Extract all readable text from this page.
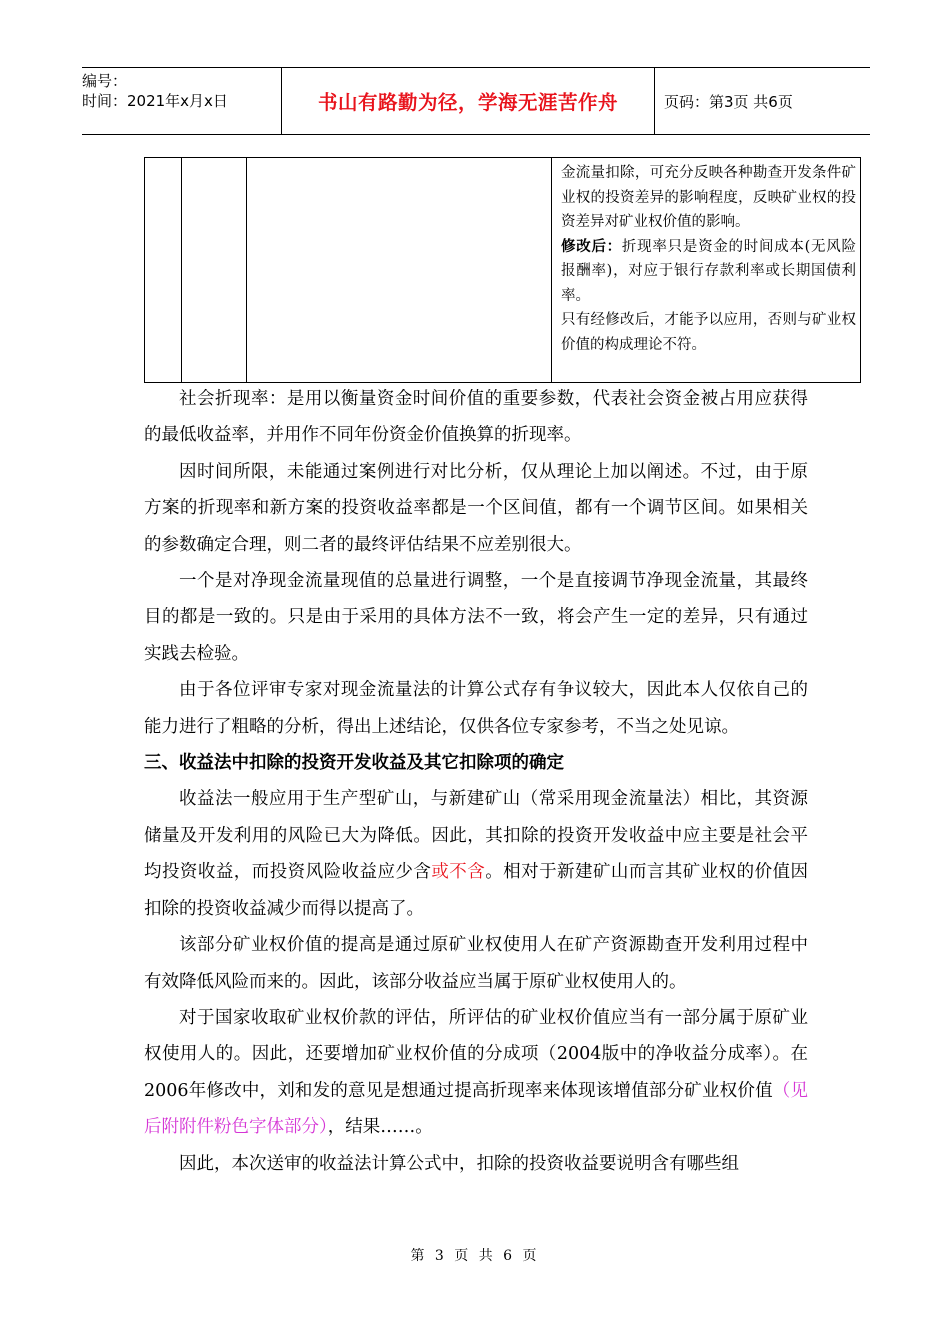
编号：
时间：2021年x月x日	书山有路勤为径，学海无涯苦作舟	页码：第3页 共6页

金流量扣除，可充分反映各种勘查开发条件矿业权的投资差异的影响程度，反映矿业权的投资差异对矿业权价值的影响。
修改后：折现率只是资金的时间成本(无风险报酬率)，对应于银行存款利率或长期国债利率。
只有经修改后，才能予以应用，否则与矿业权价值的构成理论不符。

社会折现率：是用以衡量资金时间价值的重要参数，代表社会资金被占用应获得的最低收益率，并用作不同年份资金价值换算的折现率。

因时间所限，未能通过案例进行对比分析，仅从理论上加以阐述。不过，由于原方案的折现率和新方案的投资收益率都是一个区间值，都有一个调节区间。如果相关的参数确定合理，则二者的最终评估结果不应差别很大。

一个是对净现金流量现值的总量进行调整，一个是直接调节净现金流量，其最终目的都是一致的。只是由于采用的具体方法不一致，将会产生一定的差异，只有通过实践去检验。

由于各位评审专家对现金流量法的计算公式存有争议较大，因此本人仅依自己的能力进行了粗略的分析，得出上述结论，仅供各位专家参考，不当之处见谅。

三、收益法中扣除的投资开发收益及其它扣除项的确定

收益法一般应用于生产型矿山，与新建矿山（常采用现金流量法）相比，其资源储量及开发利用的风险已大为降低。因此，其扣除的投资开发收益中应主要是社会平均投资收益，而投资风险收益应少含或不含。相对于新建矿山而言其矿业权的价值因扣除的投资收益减少而得以提高了。

该部分矿业权价值的提高是通过原矿业权使用人在矿产资源勘查开发利用过程中有效降低风险而来的。因此，该部分收益应当属于原矿业权使用人的。

对于国家收取矿业权价款的评估，所评估的矿业权价值应当有一部分属于原矿业权使用人的。因此，还要增加矿业权价值的分成项（2004版中的净收益分成率）。在2006年修改中，刘和发的意见是想通过提高折现率来体现该增值部分矿业权价值（见后附附件粉色字体部分），结果……。

因此，本次送审的收益法计算公式中，扣除的投资收益要说明含有哪些组

第 3 页 共 6 页
